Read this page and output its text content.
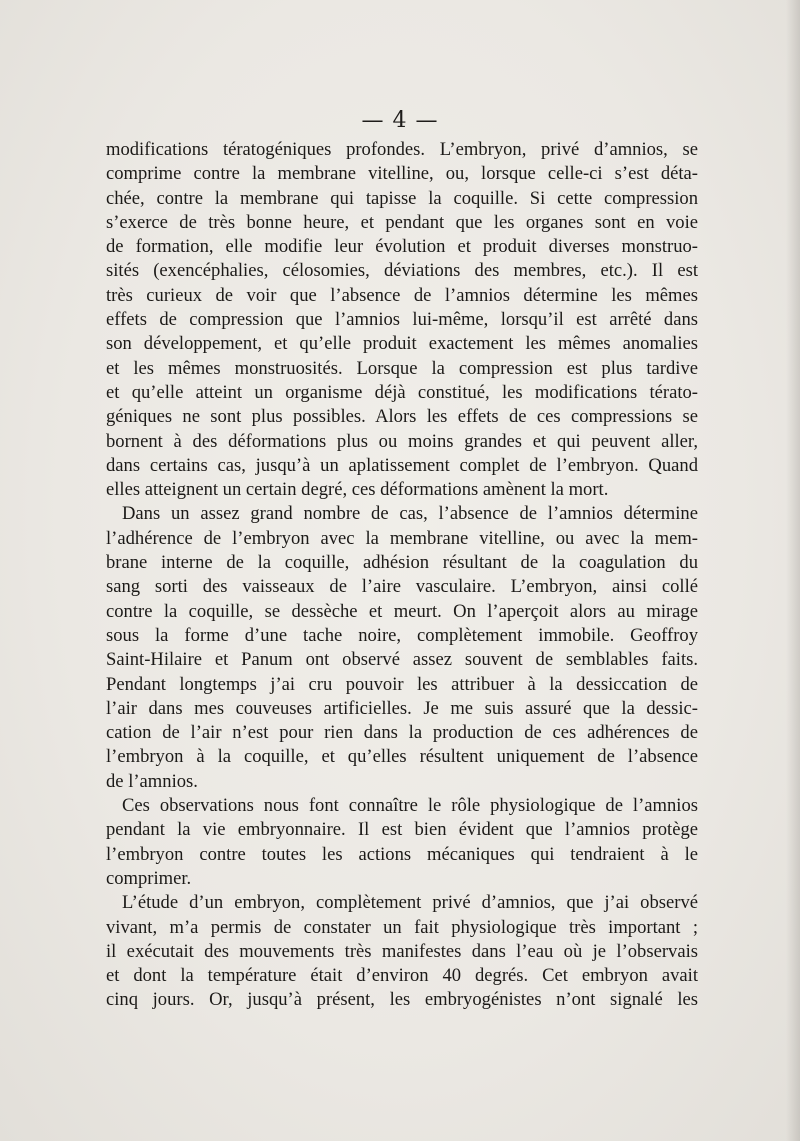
— 4 —

modifications tératogéniques profondes. L’embryon, privé d’amnios, se
comprime contre la membrane vitelline, ou, lorsque celle-ci s’est déta-
chée, contre la membrane qui tapisse la coquille. Si cette compression
s’exerce de très bonne heure, et pendant que les organes sont en voie
de formation, elle modifie leur évolution et produit diverses monstruo-
sités (exencéphalies, célosomies, déviations des membres, etc.). Il est
très curieux de voir que l’absence de l’amnios détermine les mêmes
effets de compression que l’amnios lui-même, lorsqu’il est arrêté dans
son développement, et qu’elle produit exactement les mêmes anomalies
et les mêmes monstruosités. Lorsque la compression est plus tardive
et qu’elle atteint un organisme déjà constitué, les modifications térato-
géniques ne sont plus possibles. Alors les effets de ces compressions se
bornent à des déformations plus ou moins grandes et qui peuvent aller,
dans certains cas, jusqu’à un aplatissement complet de l’embryon. Quand
elles atteignent un certain degré, ces déformations amènent la mort.

Dans un assez grand nombre de cas, l’absence de l’amnios détermine
l’adhérence de l’embryon avec la membrane vitelline, ou avec la mem-
brane interne de la coquille, adhésion résultant de la coagulation du
sang sorti des vaisseaux de l’aire vasculaire. L’embryon, ainsi collé
contre la coquille, se dessèche et meurt. On l’aperçoit alors au mirage
sous la forme d’une tache noire, complètement immobile. Geoffroy
Saint-Hilaire et Panum ont observé assez souvent de semblables faits.
Pendant longtemps j’ai cru pouvoir les attribuer à la dessiccation de
l’air dans mes couveuses artificielles. Je me suis assuré que la dessic-
cation de l’air n’est pour rien dans la production de ces adhérences de
l’embryon à la coquille, et qu’elles résultent uniquement de l’absence
de l’amnios.

Ces observations nous font connaître le rôle physiologique de l’amnios
pendant la vie embryonnaire. Il est bien évident que l’amnios protège
l’embryon contre toutes les actions mécaniques qui tendraient à le
comprimer.

L’étude d’un embryon, complètement privé d’amnios, que j’ai observé
vivant, m’a permis de constater un fait physiologique très important ;
il exécutait des mouvements très manifestes dans l’eau où je l’observais
et dont la température était d’environ 40 degrés. Cet embryon avait
cinq jours. Or, jusqu’à présent, les embryogénistes n’ont signalé les
